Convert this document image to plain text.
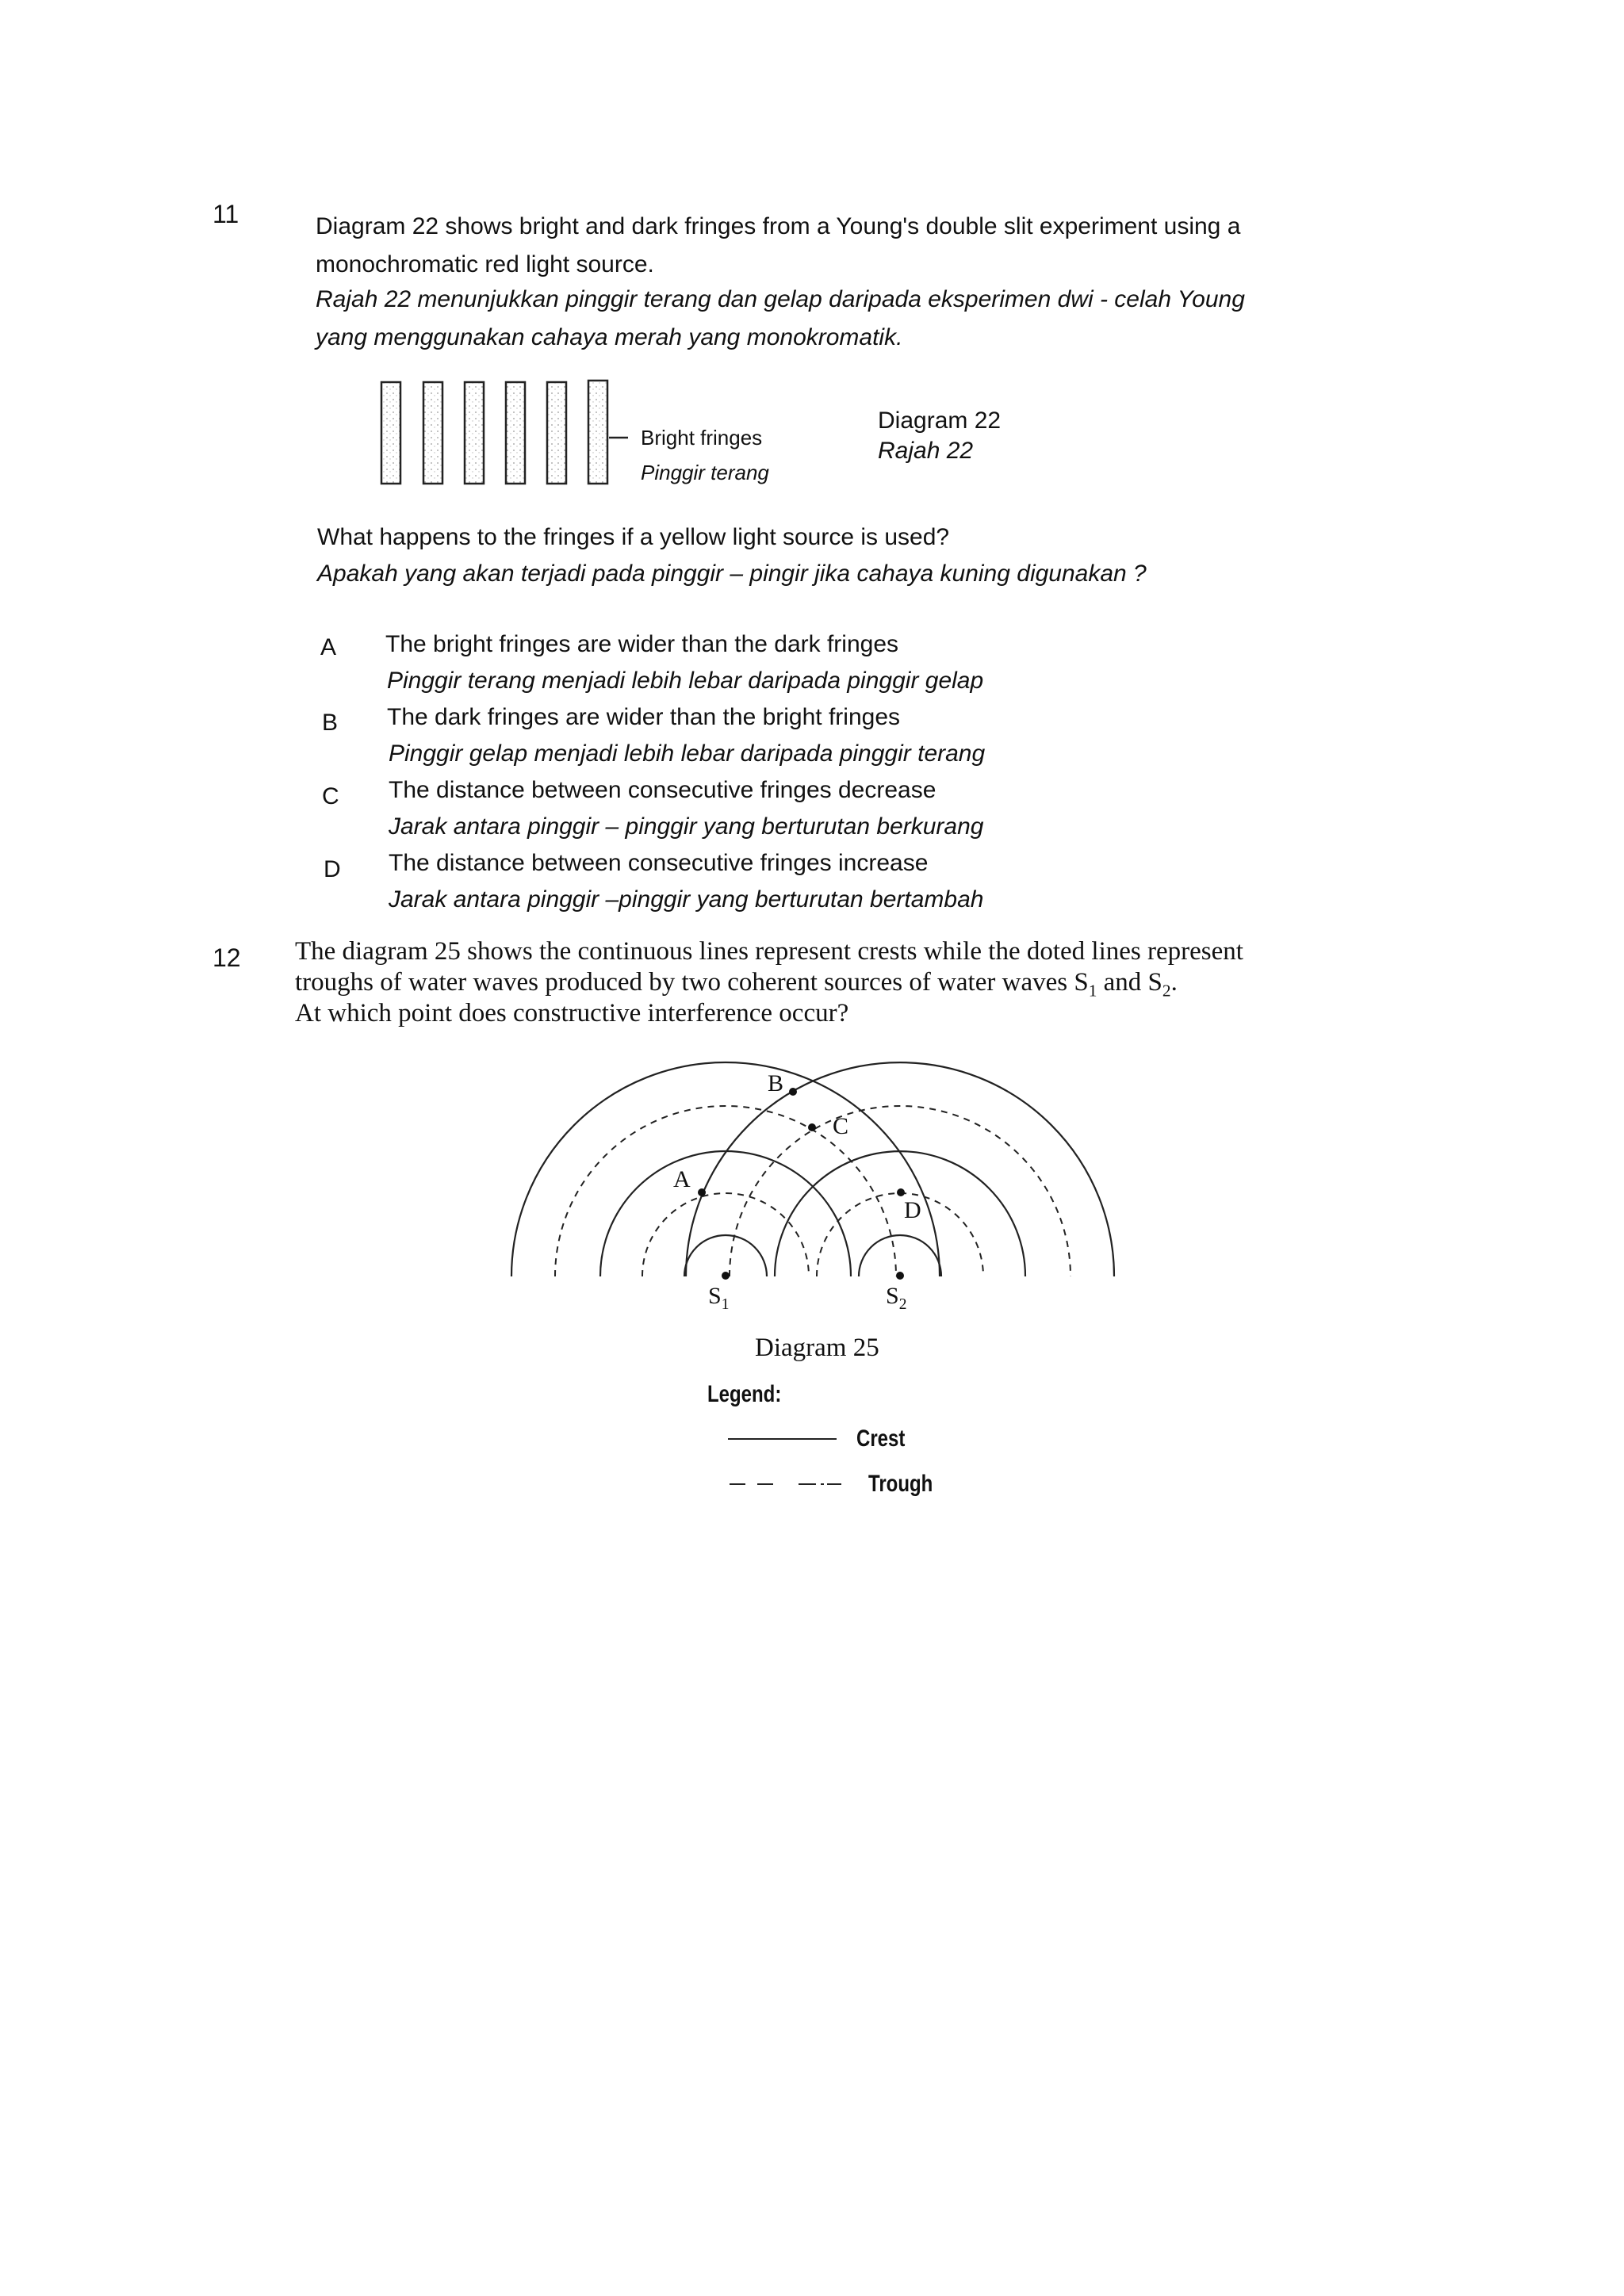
11	Diagram 22 shows bright and dark fringes from a Young's double slit experiment using a
monochromatic red light source.
Rajah 22 menunjukkan pinggir terang dan gelap daripada eksperimen dwi - celah Young
yang menggunakan cahaya merah yang monokromatik.
Bright fringes
Pinggir terang
Diagram 22
Rajah 22
What happens to the fringes if a yellow light source is used?
Apakah yang akan terjadi pada pinggir – pingir jika cahaya kuning digunakan ?
A The bright fringes are wider than the dark fringes
Pinggir terang menjadi lebih lebar daripada pinggir gelap
B The dark fringes are wider than the bright fringes
Pinggir gelap menjadi lebih lebar daripada pinggir terang
C The distance between consecutive fringes decrease
Jarak antara pinggir – pinggir yang berturutan berkurang
D The distance between consecutive fringes increase
Jarak antara pinggir –pinggir yang berturutan bertambah
12 The diagram 25 shows the continuous lines represent crests while the doted lines represent
troughs of water waves produced by two coherent sources of water waves $S_1$ and $S_2$.
At which point does constructive interference occur?
A
B
C
D
$S_1$	$S_2$
Diagram 25
Legend:
Crest
Trough
